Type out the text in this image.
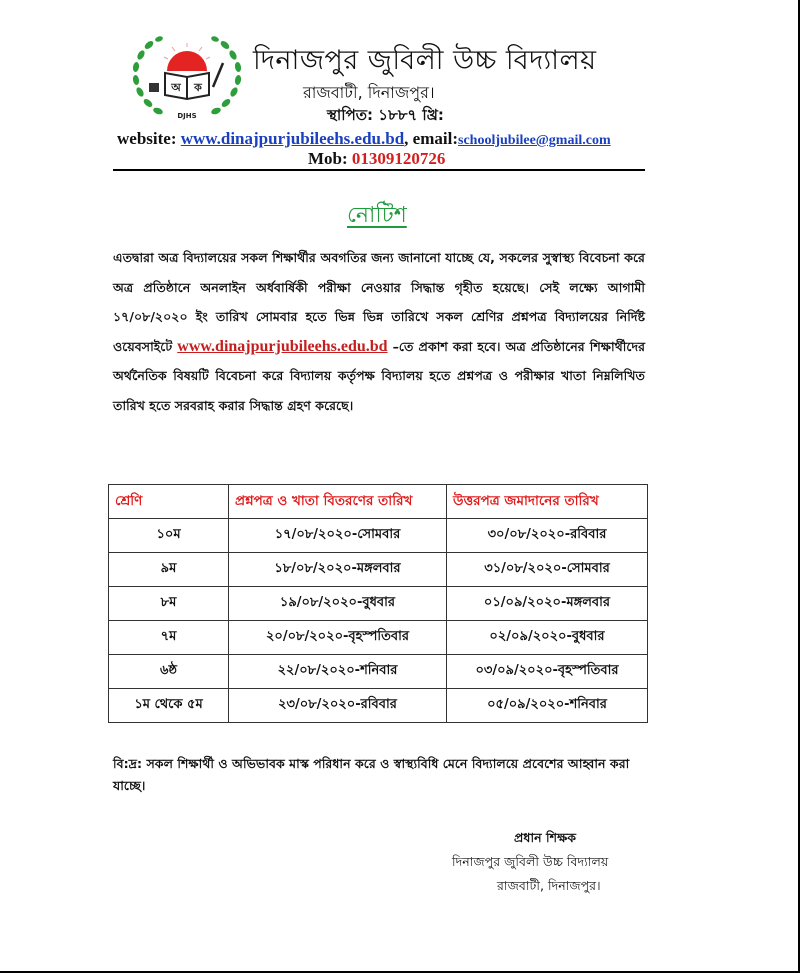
অ ক
DJHS
দিনাজপুর জুবিলী উচ্চ বিদ্যালয়
রাজবাটী, দিনাজপুর।
স্থাপিত: ১৮৮৭ খ্রি:
website: www.dinajpurjubileehs.edu.bd, email:schooljubilee@gmail.com
Mob: 01309120726
নোটিশ
এতদ্বারা অত্র বিদ্যালয়ের সকল শিক্ষার্থীর অবগতির জন্য জানানো যাচ্ছে যে, সকলের সুস্বাস্থ্য বিবেচনা করে অত্র প্রতিষ্ঠানে অনলাইন অর্ধবার্ষিকী পরীক্ষা নেওয়ার সিদ্ধান্ত গৃহীত হয়েছে। সেই লক্ষ্যে আগামী ১৭/০৮/২০২০ ইং তারিখ সোমবার হতে ভিন্ন ভিন্ন তারিখে সকল শ্রেণির প্রশ্নপত্র বিদ্যালয়ের নির্দিষ্ট ওয়েবসাইটে www.dinajpurjubileehs.edu.bd –তে প্রকাশ করা হবে। অত্র প্রতিষ্ঠানের শিক্ষার্থীদের অর্থনৈতিক বিষয়টি বিবেচনা করে বিদ্যালয় কর্তৃপক্ষ বিদ্যালয় হতে প্রশ্নপত্র ও পরীক্ষার খাতা নিম্নলিখিত তারিখ হতে সরবরাহ করার সিদ্ধান্ত গ্রহণ করেছে।
শ্রেণি	প্রশ্নপত্র ও খাতা বিতরণের তারিখ	উত্তরপত্র জমাদানের তারিখ
১০ম	১৭/০৮/২০২০-সোমবার	৩০/০৮/২০২০-রবিবার
৯ম	১৮/০৮/২০২০-মঙ্গলবার	৩১/০৮/২০২০-সোমবার
৮ম	১৯/০৮/২০২০-বুধবার	০১/০৯/২০২০-মঙ্গলবার
৭ম	২০/০৮/২০২০-বৃহস্পতিবার	০২/০৯/২০২০-বুধবার
৬ষ্ঠ	২২/০৮/২০২০-শনিবার	০৩/০৯/২০২০-বৃহস্পতিবার
১ম থেকে ৫ম	২৩/০৮/২০২০-রবিবার	০৫/০৯/২০২০-শনিবার
বি:দ্র: সকল শিক্ষার্থী ও অভিভাবক মাস্ক পরিধান করে ও স্বাস্থ্যবিধি মেনে বিদ্যালয়ে প্রবেশের আহ্বান করা যাচ্ছে।
প্রধান শিক্ষক
দিনাজপুর জুবিলী উচ্চ বিদ্যালয়
রাজবাটী, দিনাজপুর।
